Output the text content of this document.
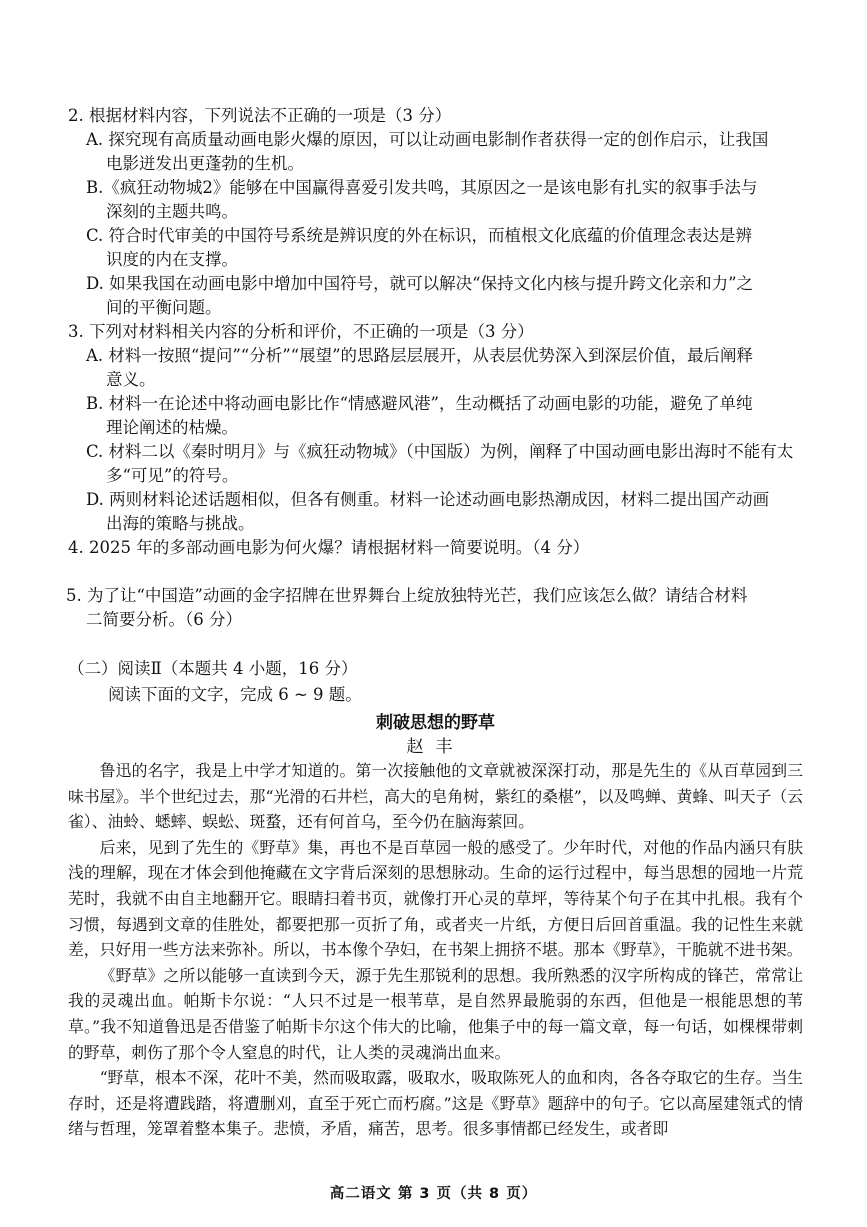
2. 根据材料内容，下列说法不正确的一项是（3 分）

A. 探究现有高质量动画电影火爆的原因，可以让动画电影制作者获得一定的创作启示，让我国
电影迸发出更蓬勃的生机。

B.《疯狂动物城2》能够在中国赢得喜爱引发共鸣，其原因之一是该电影有扎实的叙事手法与
深刻的主题共鸣。

C. 符合时代审美的中国符号系统是辨识度的外在标识，而植根文化底蕴的价值理念表达是辨
识度的内在支撑。

D. 如果我国在动画电影中增加中国符号，就可以解决“保持文化内核与提升跨文化亲和力”之
间的平衡问题。

3. 下列对材料相关内容的分析和评价，不正确的一项是（3 分）

A. 材料一按照“提问”“分析”“展望”的思路层层展开，从表层优势深入到深层价值，最后阐释
意义。

B. 材料一在论述中将动画电影比作“情感避风港”，生动概括了动画电影的功能，避免了单纯
理论阐述的枯燥。

C. 材料二以《秦时明月》与《疯狂动物城》（中国版）为例，阐释了中国动画电影出海时不能有太
多“可见”的符号。

D. 两则材料论述话题相似，但各有侧重。材料一论述动画电影热潮成因，材料二提出国产动画
出海的策略与挑战。

4. 2025 年的多部动画电影为何火爆？请根据材料一简要说明。（4 分）

5. 为了让“中国造”动画的金字招牌在世界舞台上绽放独特光芒，我们应该怎么做？请结合材料
二简要分析。（6 分）

（二）阅读Ⅱ（本题共 4 小题，16 分）

阅读下面的文字，完成 6 ~ 9 题。

刺破思想的野草

赵丰

鲁迅的名字，我是上中学才知道的。第一次接触他的文章就被深深打动，那是先生的《从百草园到三味书屋》。半个世纪过去，那“光滑的石井栏，高大的皂角树，紫红的桑椹”，以及鸣蝉、黄蜂、叫天子（云雀）、油蛉、蟋蟀、蜈蚣、斑蝥，还有何首乌，至今仍在脑海萦回。

后来，见到了先生的《野草》集，再也不是百草园一般的感受了。少年时代，对他的作品内涵只有肤浅的理解，现在才体会到他掩藏在文字背后深刻的思想脉动。生命的运行过程中，每当思想的园地一片荒芜时，我就不由自主地翻开它。眼睛扫着书页，就像打开心灵的草坪，等待某个句子在其中扎根。我有个习惯，每遇到文章的佳胜处，都要把那一页折了角，或者夹一片纸，方便日后回首重温。我的记性生来就差，只好用一些方法来弥补。所以，书本像个孕妇，在书架上拥挤不堪。那本《野草》，干脆就不进书架。

《野草》之所以能够一直读到今天，源于先生那锐利的思想。我所熟悉的汉字所构成的锋芒，常常让我的灵魂出血。帕斯卡尔说：“人只不过是一根苇草，是自然界最脆弱的东西，但他是一根能思想的苇草。”我不知道鲁迅是否借鉴了帕斯卡尔这个伟大的比喻，他集子中的每一篇文章，每一句话，如棵棵带刺的野草，刺伤了那个令人窒息的时代，让人类的灵魂淌出血来。

“野草，根本不深，花叶不美，然而吸取露，吸取水，吸取陈死人的血和肉，各各夺取它的生存。当生存时，还是将遭践踏，将遭删刈，直至于死亡而朽腐。”这是《野草》题辞中的句子。它以高屋建瓴式的情绪与哲理，笼罩着整本集子。悲愤，矛盾，痛苦，思考。很多事情都已经发生，或者即

高二语文 第 3 页（共 8 页）
